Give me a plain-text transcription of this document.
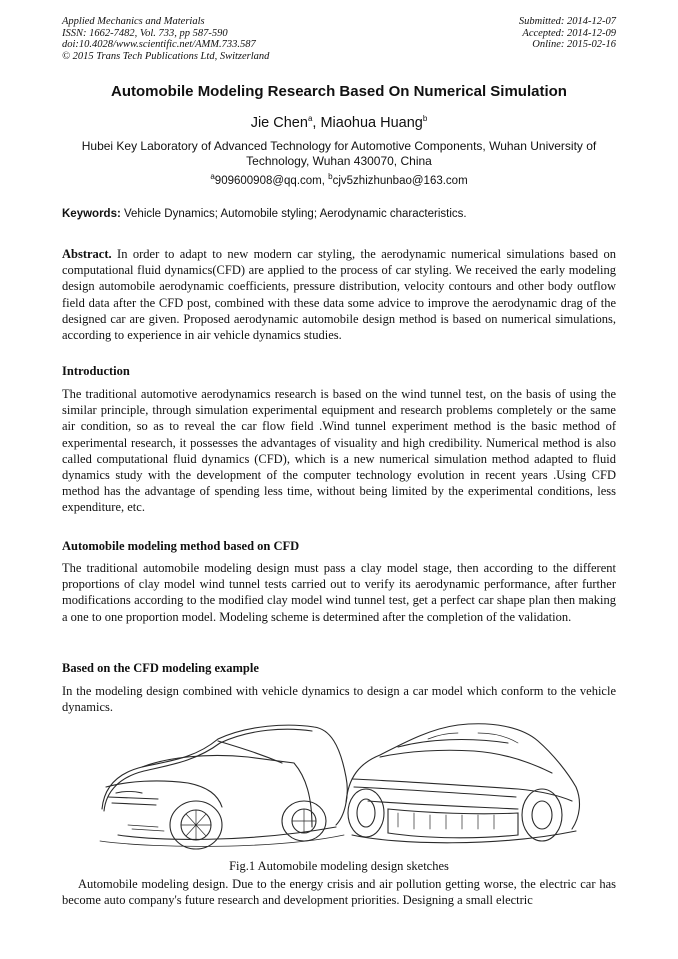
Applied Mechanics and Materials
ISSN: 1662-7482, Vol. 733, pp 587-590
doi:10.4028/www.scientific.net/AMM.733.587
© 2015 Trans Tech Publications Ltd, Switzerland
Submitted: 2014-12-07
Accepted: 2014-12-09
Online: 2015-02-16
Automobile Modeling Research Based On Numerical Simulation
Jie Chen$^a$, Miaohua Huang$^b$
Hubei Key Laboratory of Advanced Technology for Automotive Components, Wuhan University of Technology, Wuhan 430070, China
$^a$909600908@qq.com, $^b$cjv5zhizhunbao@163.com
Keywords: Vehicle Dynamics; Automobile styling; Aerodynamic characteristics.
Abstract. In order to adapt to new modern car styling, the aerodynamic numerical simulations based on computational fluid dynamics(CFD) are applied to the process of car styling. We received the early modeling design automobile aerodynamic coefficients, pressure distribution, velocity contours and other body outflow field data after the CFD post, combined with these data some advice to improve the aerodynamic drag of the designed car are given. Proposed aerodynamic automobile design method is based on numerical simulations, according to experience in air vehicle dynamics studies.
Introduction
The traditional automotive aerodynamics research is based on the wind tunnel test, on the basis of using the similar principle, through simulation experimental equipment and research problems completely or the same air condition, so as to reveal the car flow field .Wind tunnel experiment method is the basic method of experimental research, it possesses the advantages of visuality and high credibility. Numerical method is also called computational fluid dynamics (CFD), which is a new numerical simulation method adapted to fluid dynamics study with the development of the computer technology evolution in recent years .Using CFD method has the advantage of spending less time, without being limited by the experimental conditions, less expenditure, etc.
Automobile modeling method based on CFD
The traditional automobile modeling design must pass a clay model stage, then according to the different proportions of clay model wind tunnel tests carried out to verify its aerodynamic performance, after further modifications according to the modified clay model wind tunnel test, get a perfect car shape plan then making a one to one proportion model. Modeling scheme is determined after the completion of the validation.
Based on the CFD modeling example
In the modeling design combined with vehicle dynamics to design a car model which conform to the vehicle dynamics.
Fig.1 Automobile modeling design sketches
Automobile modeling design. Due to the energy crisis and air pollution getting worse, the electric car has become auto company's future research and development priorities. Designing a small electric
